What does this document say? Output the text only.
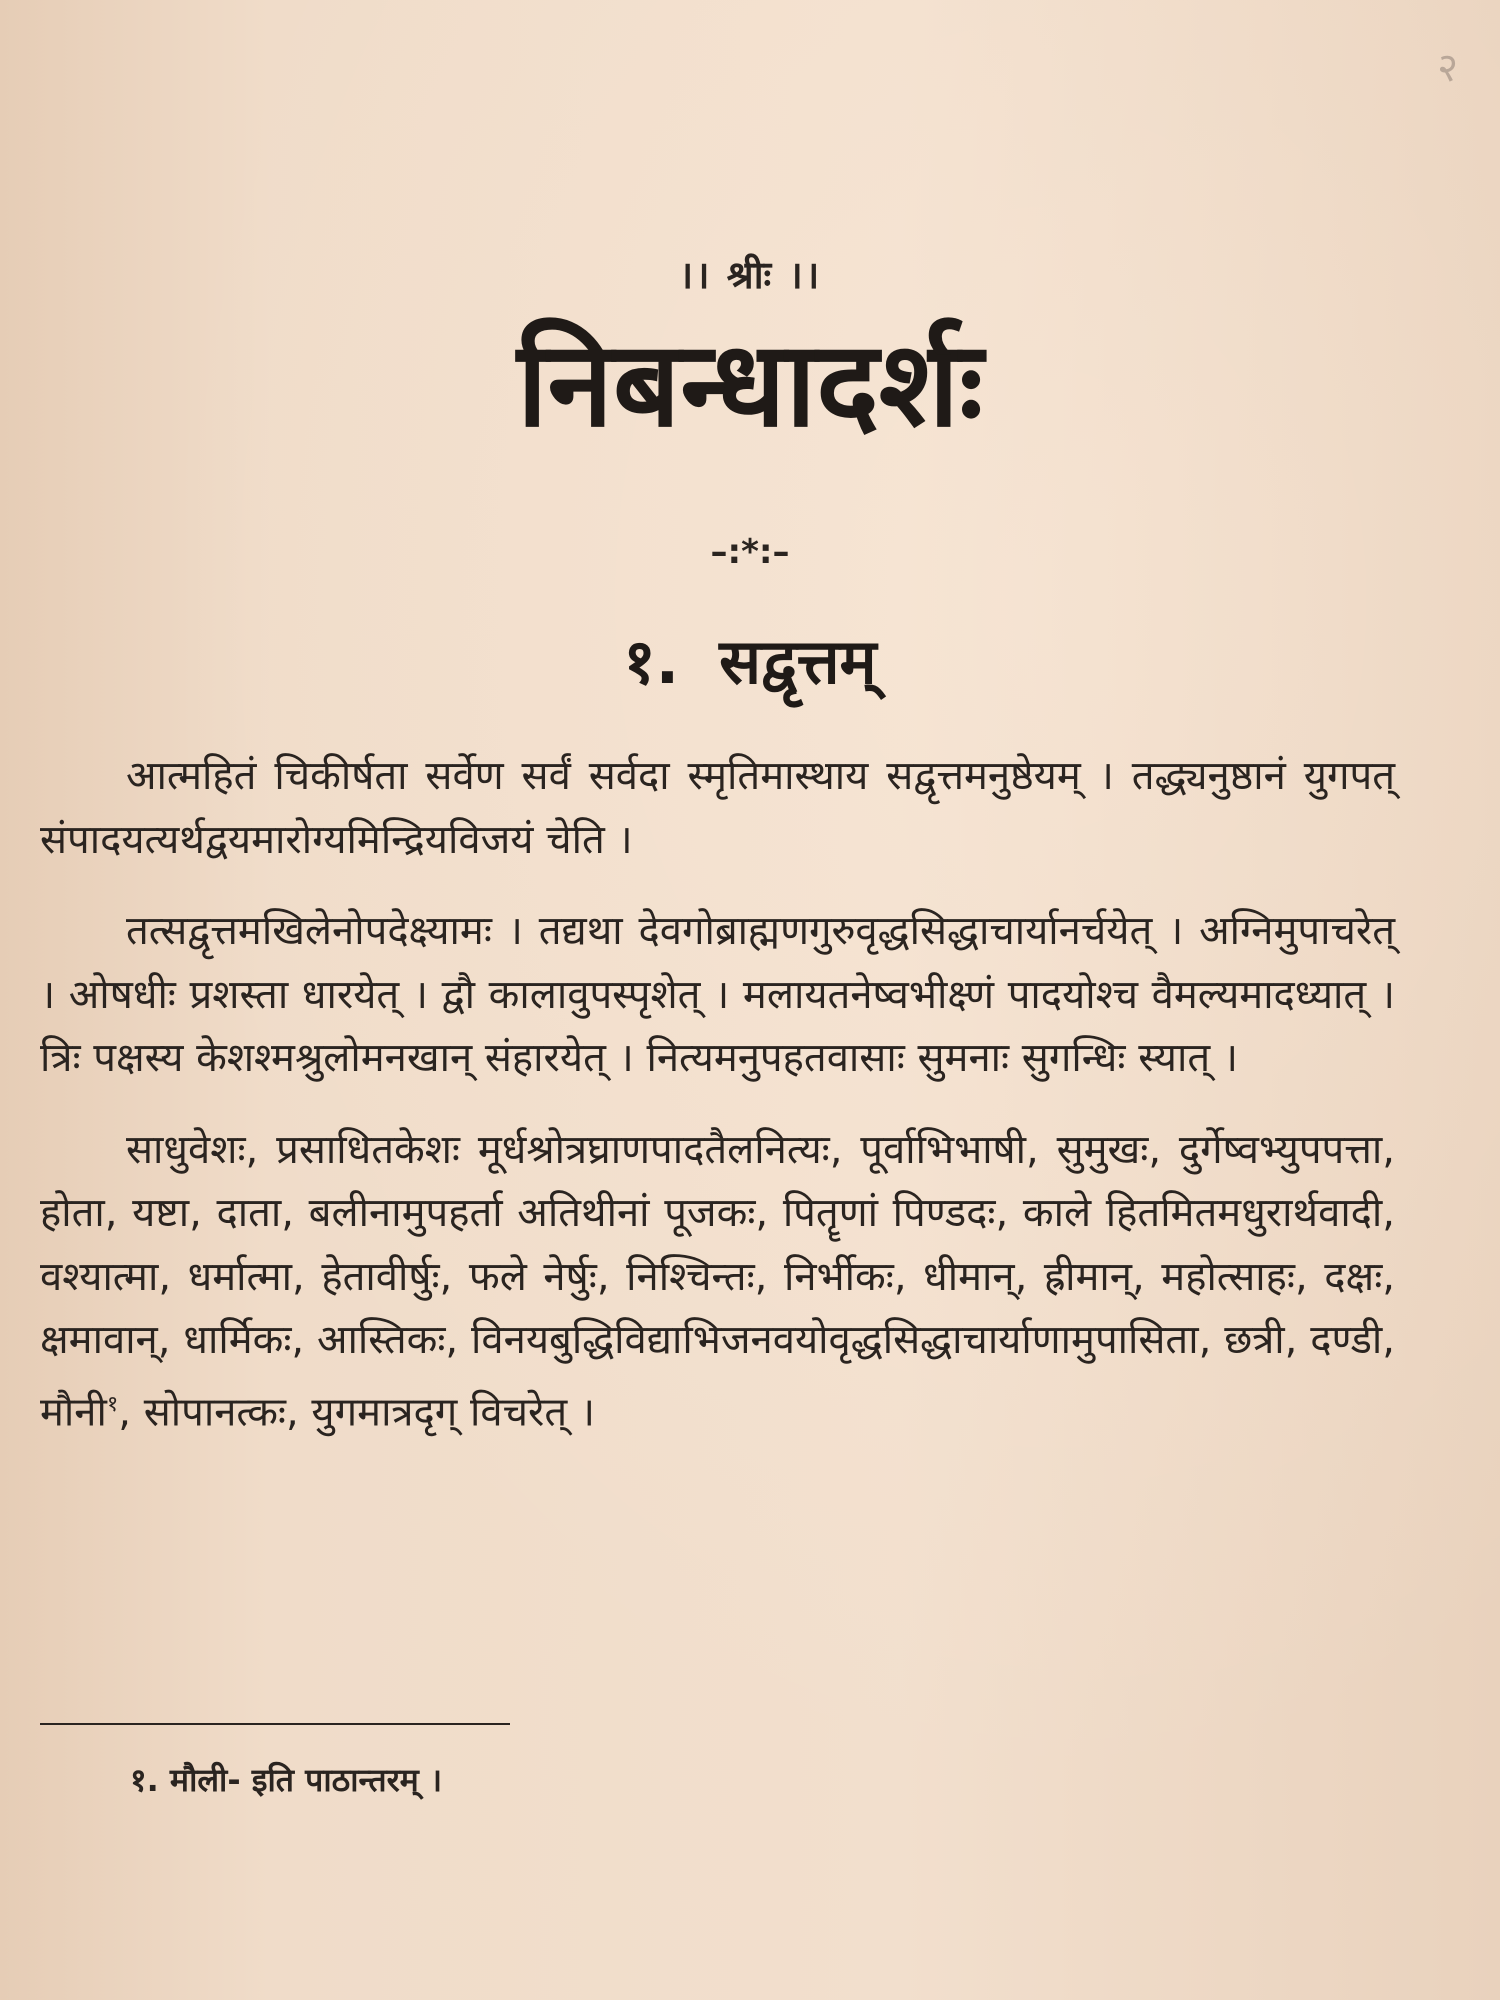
२
।। श्रीः ।।
निबन्धादर्शः
–:*:–
१. सद्वृत्तम्

आत्महितं चिकीर्षता सर्वेण सर्वं सर्वदा स्मृतिमास्थाय सद्वृत्तमनुष्ठेयम् । तद्ध्यनुष्ठानं युगपत् संपादयत्यर्थद्वयमारोग्यमिन्द्रियविजयं चेति ।

तत्सद्वृत्तमखिलेनोपदेक्ष्यामः । तद्यथा देवगोब्राह्मणगुरुवृद्धसिद्धाचार्यानर्चयेत् । अग्निमुपाचरेत् । ओषधीः प्रशस्ता धारयेत् । द्वौ कालावुपस्पृशेत् । मलायतनेष्वभीक्ष्णं पादयोश्च वैमल्यमादध्यात् । त्रिः पक्षस्य केशश्मश्रुलोमनखान् संहारयेत् । नित्यमनुपहतवासाः सुमनाः सुगन्धिः स्यात् ।

साधुवेशः, प्रसाधितकेशः मूर्धश्रोत्रघ्राणपादतैलनित्यः, पूर्वाभिभाषी, सुमुखः, दुर्गेष्वभ्युपपत्ता, होता, यष्टा, दाता, बलीनामुपहर्ता अतिथीनां पूजकः, पितॄणां पिण्डदः, काले हितमितमधुरार्थवादी, वश्यात्मा, धर्मात्मा, हेतावीर्षुः, फले नेर्षुः, निश्चिन्तः, निर्भीकः, धीमान्, ह्रीमान्, महोत्साहः, दक्षः, क्षमावान्, धार्मिकः, आस्तिकः, विनयबुद्धिविद्याभिजनवयोवृद्धसिद्धाचार्याणामुपासिता, छत्री, दण्डी, मौनी$^१$, सोपानत्कः, युगमात्रदृग् विचरेत् ।

१. मौली- इति पाठान्तरम् ।
